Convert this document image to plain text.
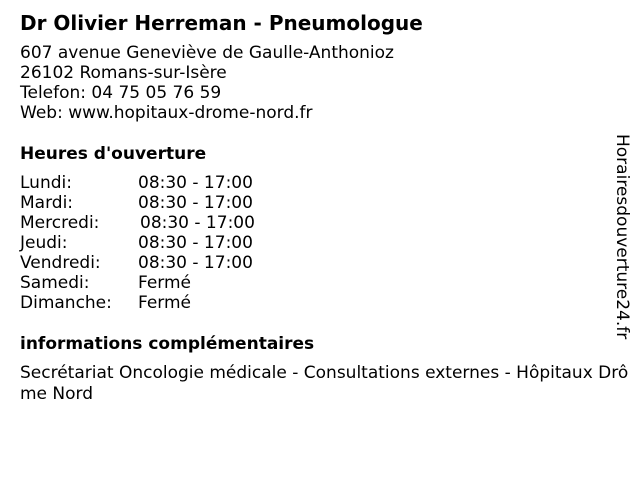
Dr Olivier Herreman - Pneumologue
607 avenue Geneviève de Gaulle-Anthonioz
26102 Romans-sur-Isère
Telefon: 04 75 05 76 59
Web: www.hopitaux-drome-nord.fr
Heures d'ouverture
Lundi:	08:30 - 17:00
Mardi:	08:30 - 17:00
Mercredi: 08:30 - 17:00
Jeudi:	08:30 - 17:00
Vendredi: 08:30 - 17:00
Samedi:	Fermé
Dimanche: Fermé
informations complémentaires
Secrétariat Oncologie médicale - Consultations externes - Hôpitaux Drôme Nord
Horairesdouverture24.fr
